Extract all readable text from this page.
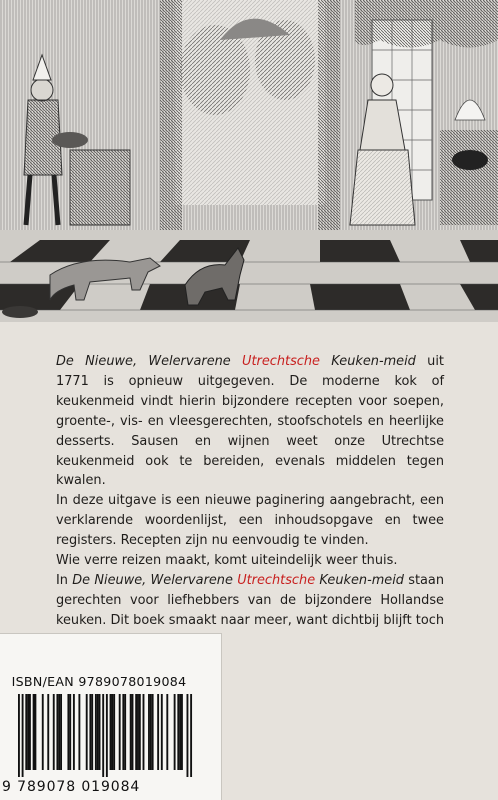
De Nieuwe, Welervarene Utrechtsche Keuken-meid uit 1771 is opnieuw uitgegeven. De moderne kok of keukenmeid vindt hierin bijzondere recepten voor soepen, groente-, vis- en vleesgerechten, stoofschotels en heerlijke desserts. Sausen en wijnen weet onze Utrechtse keukenmeid ook te bereiden, evenals middelen tegen kwalen.

In deze uitgave is een nieuwe paginering aangebracht, een verklarende woordenlijst, een inhoudsopgave en twee registers. Recepten zijn nu eenvoudig te vinden.

Wie verre reizen maakt, komt uiteindelijk weer thuis.

In De Nieuwe, Welervarene Utrechtsche Keuken-meid staan gerechten voor liefhebbers van de bijzondere Hollandse keuken. Dit boek smaakt naar meer, want dichtbij blijft toch

ISBN/EAN 9789078019084
9 789078 019084
